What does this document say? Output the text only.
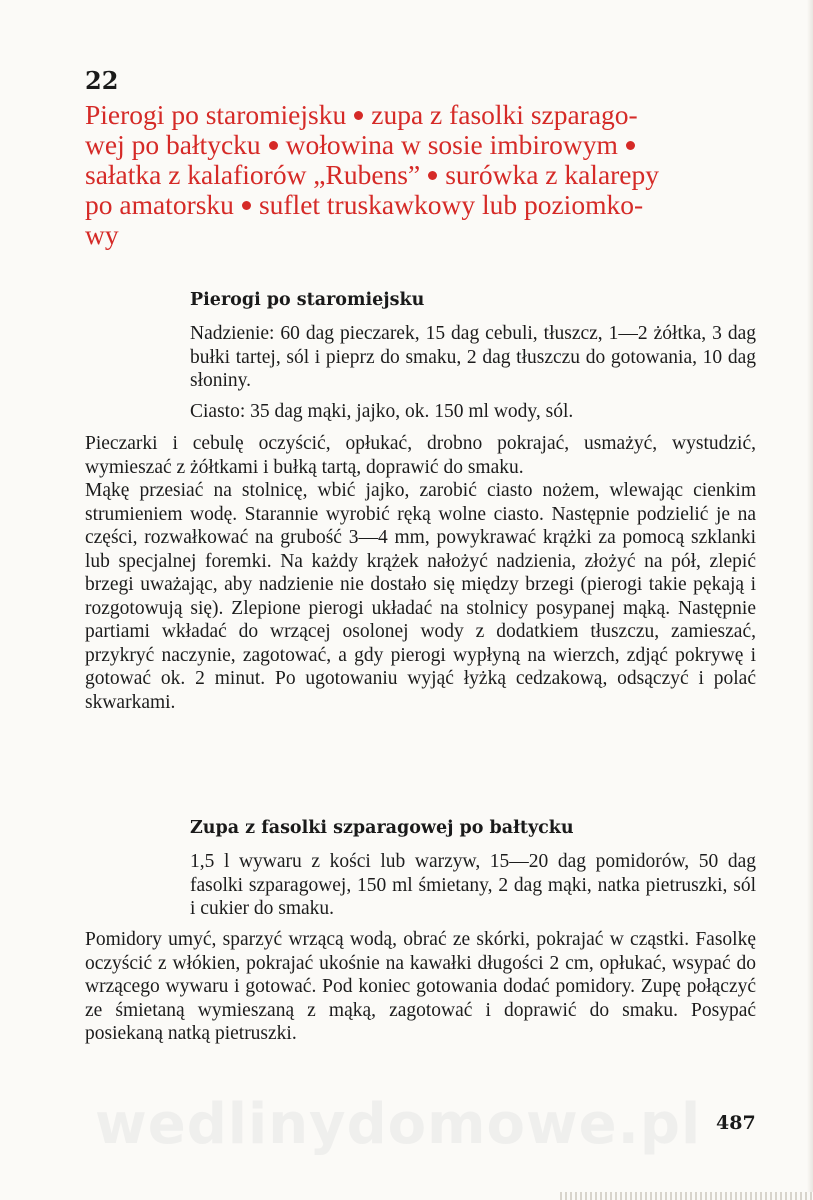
22
Pierogi po staromiejsku zupa z fasolki szparago-
wej po bałtycku wołowina w sosie imbirowym
sałatka z kalafiorów „Rubens” surówka z kalarepy
po amatorsku suflet truskawkowy lub poziomko-
wy
Pierogi po staromiejsku
Nadzienie: 60 dag pieczarek, 15 dag cebuli, tłuszcz, 1—2 żółtka, 3 dag bułki tartej, sól i pieprz do smaku, 2 dag tłuszczu do gotowania, 10 dag słoniny.
Ciasto: 35 dag mąki, jajko, ok. 150 ml wody, sól.

Pieczarki i cebulę oczyścić, opłukać, drobno pokrajać, usmażyć, wystudzić, wymieszać z żółtkami i bułką tartą, doprawić do smaku.

Mąkę przesiać na stolnicę, wbić jajko, zarobić ciasto nożem, wlewając cienkim strumieniem wodę. Starannie wyrobić ręką wolne ciasto. Następnie podzielić je na części, rozwałkować na grubość 3—4 mm, powykrawać krążki za pomocą szklanki lub specjalnej foremki. Na każdy krążek nałożyć nadzienia, złożyć na pół, zlepić brzegi uważając, aby nadzienie nie dostało się między brzegi (pierogi takie pękają i rozgotowują się). Zlepione pierogi układać na stolnicy posypanej mąką. Następnie partiami wkładać do wrzącej osolonej wody z dodatkiem tłuszczu, zamieszać, przykryć naczynie, zagotować, a gdy pierogi wypłyną na wierzch, zdjąć pokrywę i gotować ok. 2 minut. Po ugotowaniu wyjąć łyżką cedzakową, odsączyć i polać skwarkami.

Zupa z fasolki szparagowej po bałtycku
1,5 l wywaru z kości lub warzyw, 15—20 dag pomidorów, 50 dag fasolki szparagowej, 150 ml śmietany, 2 dag mąki, natka pietruszki, sól i cukier do smaku.

Pomidory umyć, sparzyć wrzącą wodą, obrać ze skórki, pokrajać w cząstki. Fasolkę oczyścić z włókien, pokrajać ukośnie na kawałki długości 2 cm, opłukać, wsypać do wrzącego wywaru i gotować. Pod koniec gotowania dodać pomidory. Zupę połączyć ze śmietaną wymieszaną z mąką, zagotować i doprawić do smaku. Posypać posiekaną natką pietruszki.

wedlinydomowe.pl 487
